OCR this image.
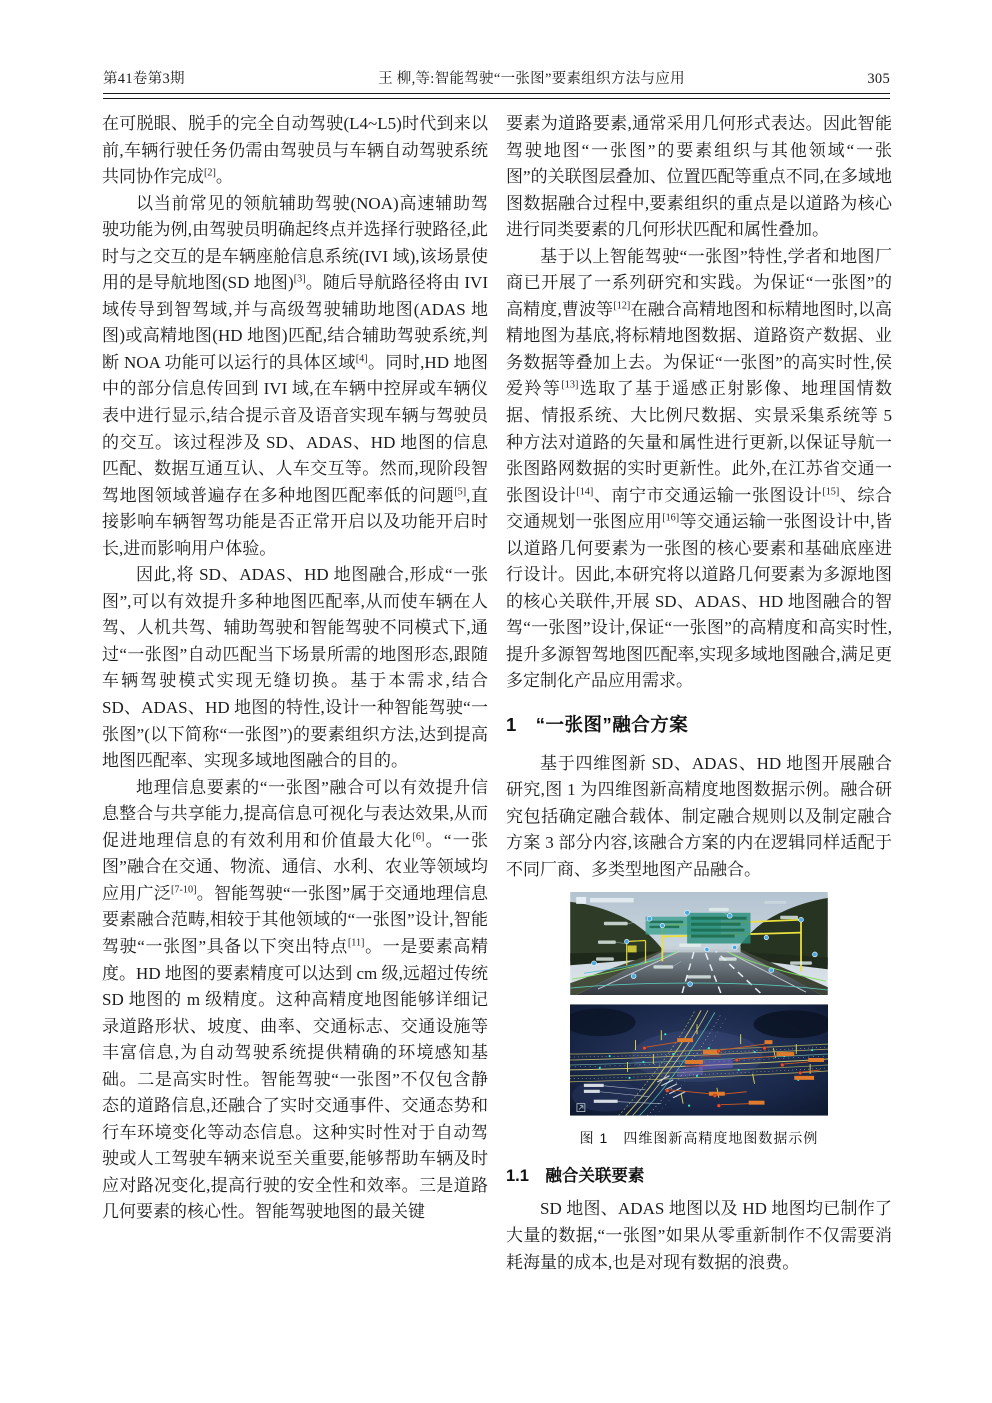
第41卷第3期	王 柳,等:智能驾驶“一张图”要素组织方法与应用	305

在可脱眼、脱手的完全自动驾驶(L4~L5)时代到来以前,车辆行驶任务仍需由驾驶员与车辆自动驾驶系统共同协作完成[2]。

以当前常见的领航辅助驾驶(NOA)高速辅助驾驶功能为例,由驾驶员明确起终点并选择行驶路径,此时与之交互的是车辆座舱信息系统(IVI 域),该场景使用的是导航地图(SD 地图)[3]。随后导航路径将由 IVI 域传导到智驾域,并与高级驾驶辅助地图(ADAS 地图)或高精地图(HD 地图)匹配,结合辅助驾驶系统,判断 NOA 功能可以运行的具体区域[4]。同时,HD 地图中的部分信息传回到 IVI 域,在车辆中控屏或车辆仪表中进行显示,结合提示音及语音实现车辆与驾驶员的交互。该过程涉及 SD、ADAS、HD 地图的信息匹配、数据互通互认、人车交互等。然而,现阶段智驾地图领域普遍存在多种地图匹配率低的问题[5],直接影响车辆智驾功能是否正常开启以及功能开启时长,进而影响用户体验。

因此,将 SD、ADAS、HD 地图融合,形成“一张图”,可以有效提升多种地图匹配率,从而使车辆在人驾、人机共驾、辅助驾驶和智能驾驶不同模式下,通过“一张图”自动匹配当下场景所需的地图形态,跟随车辆驾驶模式实现无缝切换。基于本需求,结合 SD、ADAS、HD 地图的特性,设计一种智能驾驶“一张图”(以下简称“一张图”)的要素组织方法,达到提高地图匹配率、实现多域地图融合的目的。

地理信息要素的“一张图”融合可以有效提升信息整合与共享能力,提高信息可视化与表达效果,从而促进地理信息的有效利用和价值最大化[6]。“一张图”融合在交通、物流、通信、水利、农业等领域均应用广泛[7-10]。智能驾驶“一张图”属于交通地理信息要素融合范畴,相较于其他领域的“一张图”设计,智能驾驶“一张图”具备以下突出特点[11]。一是要素高精度。HD 地图的要素精度可以达到 cm 级,远超过传统 SD 地图的 m 级精度。这种高精度地图能够详细记录道路形状、坡度、曲率、交通标志、交通设施等丰富信息,为自动驾驶系统提供精确的环境感知基础。二是高实时性。智能驾驶“一张图”不仅包含静态的道路信息,还融合了实时交通事件、交通态势和行车环境变化等动态信息。这种实时性对于自动驾驶或人工驾驶车辆来说至关重要,能够帮助车辆及时应对路况变化,提高行驶的安全性和效率。三是道路几何要素的核心性。智能驾驶地图的最关键

要素为道路要素,通常采用几何形式表达。因此智能驾驶地图“一张图”的要素组织与其他领域“一张图”的关联图层叠加、位置匹配等重点不同,在多域地图数据融合过程中,要素组织的重点是以道路为核心进行同类要素的几何形状匹配和属性叠加。

基于以上智能驾驶“一张图”特性,学者和地图厂商已开展了一系列研究和实践。为保证“一张图”的高精度,曹波等[12]在融合高精地图和标精地图时,以高精地图为基底,将标精地图数据、道路资产数据、业务数据等叠加上去。为保证“一张图”的高实时性,侯爱羚等[13]选取了基于遥感正射影像、地理国情数据、情报系统、大比例尺数据、实景采集系统等 5 种方法对道路的矢量和属性进行更新,以保证导航一张图路网数据的实时更新性。此外,在江苏省交通一张图设计[14]、南宁市交通运输一张图设计[15]、综合交通规划一张图应用[16]等交通运输一张图设计中,皆以道路几何要素为一张图的核心要素和基础底座进行设计。因此,本研究将以道路几何要素为多源地图的核心关联件,开展 SD、ADAS、HD 地图融合的智驾“一张图”设计,保证“一张图”的高精度和高实时性,提升多源智驾地图匹配率,实现多域地图融合,满足更多定制化产品应用需求。

1　“一张图”融合方案

基于四维图新 SD、ADAS、HD 地图开展融合研究,图 1 为四维图新高精度地图数据示例。融合研究包括确定融合载体、制定融合规则以及制定融合方案 3 部分内容,该融合方案的内在逻辑同样适配于不同厂商、多类型地图产品融合。

图 1　四维图新高精度地图数据示例
1.1　融合关联要素

SD 地图、ADAS 地图以及 HD 地图均已制作了大量的数据,“一张图”如果从零重新制作不仅需要消耗海量的成本,也是对现有数据的浪费。
